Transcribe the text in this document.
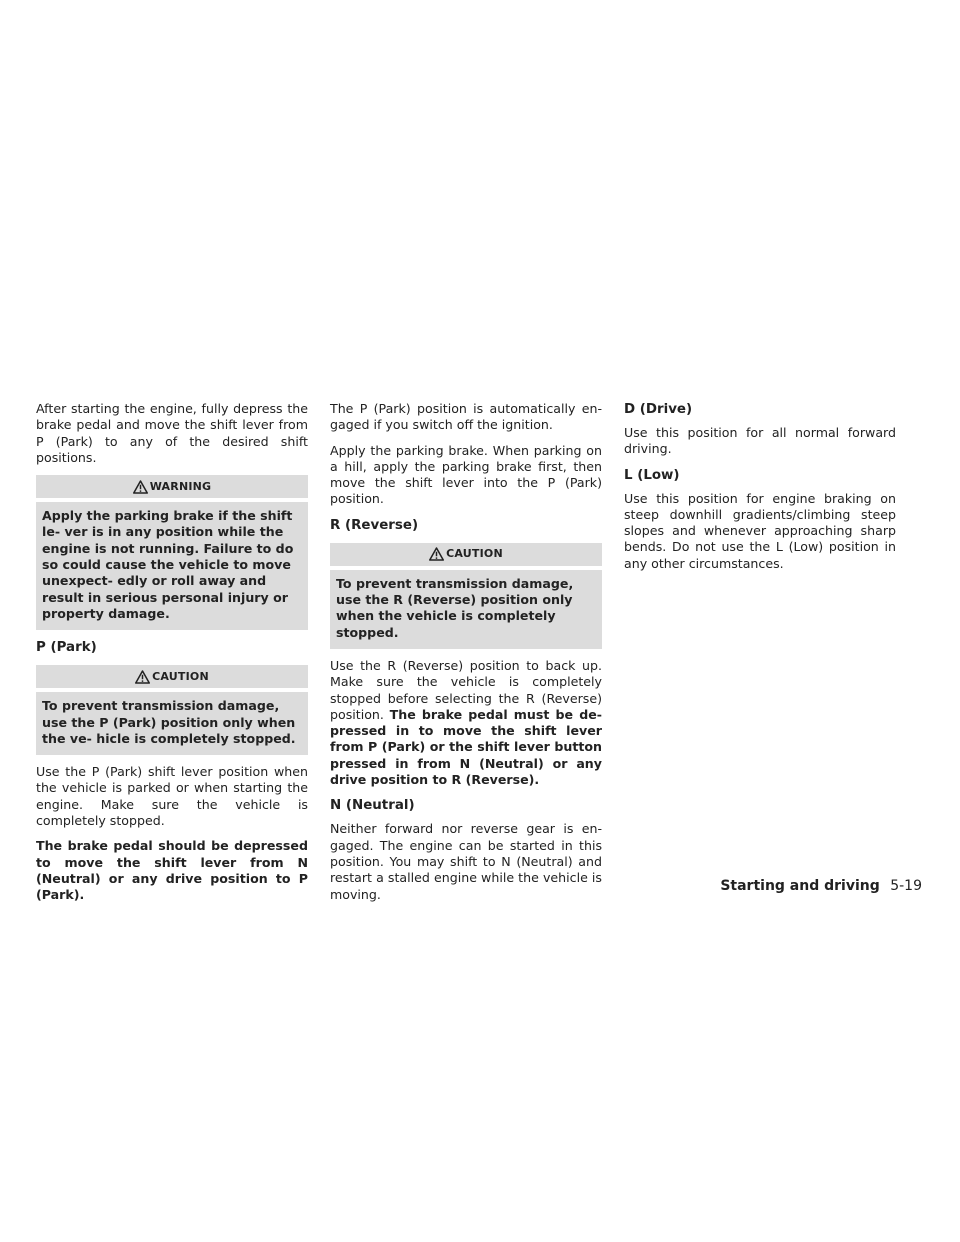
After starting the engine, fully depress the brake pedal and move the shift lever from P (Park) to any of the desired shift positions.

WARNING
Apply the parking brake if the shift le- ver is in any position while the engine is not running. Failure to do so could cause the vehicle to move unexpect- edly or roll away and result in serious personal injury or property damage.
P (Park)
CAUTION
To prevent transmission damage, use the P (Park) position only when the ve- hicle is completely stopped.

Use the P (Park) shift lever position when the vehicle is parked or when starting the engine. Make sure the vehicle is completely stopped.

The brake pedal should be depressed to move the shift lever from N (Neutral) or any drive position to P (Park).

The P (Park) position is automatically en- gaged if you switch off the ignition.

Apply the parking brake. When parking on a hill, apply the parking brake first, then move the shift lever into the P (Park) position.

R (Reverse)
CAUTION
To prevent transmission damage, use the R (Reverse) position only when the vehicle is completely stopped.

Use the R (Reverse) position to back up. Make sure the vehicle is completely stopped before selecting the R (Reverse) position. The brake pedal must be de- pressed in to move the shift lever from P (Park) or the shift lever button pressed in from N (Neutral) or any drive position to R (Reverse).

N (Neutral)

Neither forward nor reverse gear is en- gaged. The engine can be started in this position. You may shift to N (Neutral) and restart a stalled engine while the vehicle is moving.

D (Drive)

Use this position for all normal forward driving.

L (Low)

Use this position for engine braking on steep downhill gradients/climbing steep slopes and whenever approaching sharp bends. Do not use the L (Low) position in any other circumstances.

Starting and driving 5-19
